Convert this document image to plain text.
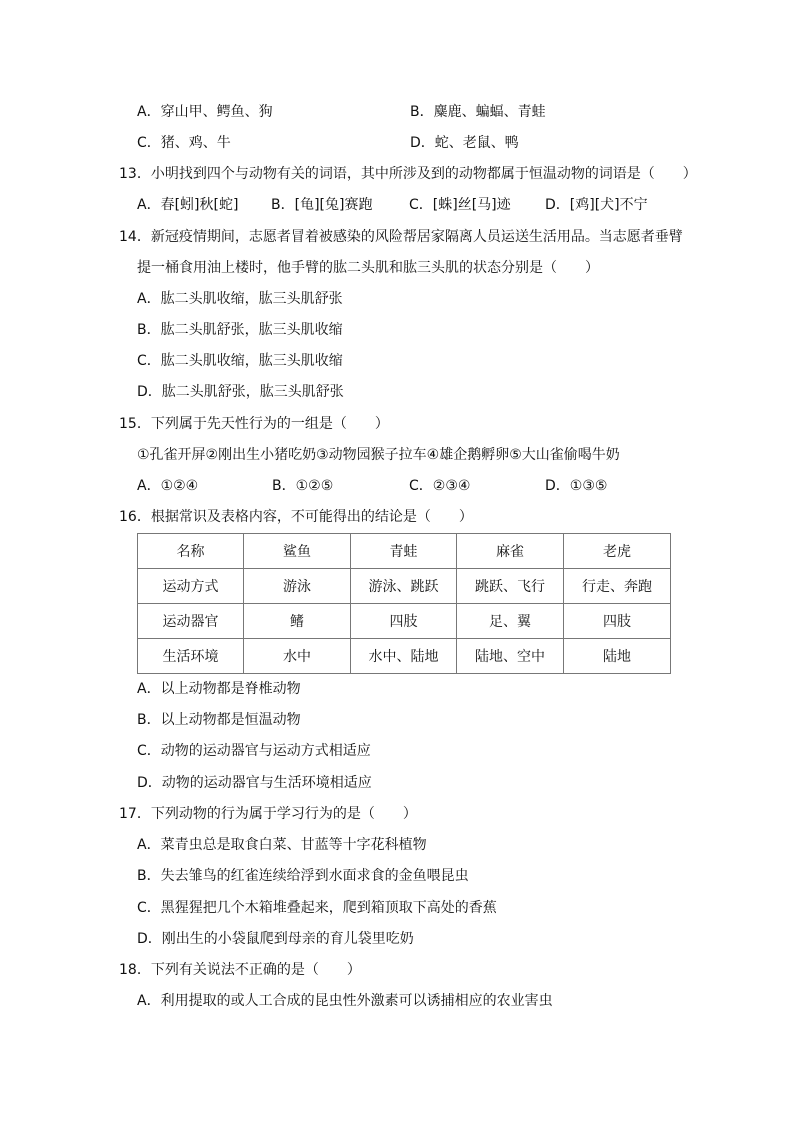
A．穿山甲、鳄鱼、狗	B．麋鹿、蝙蝠、青蛙
C．猪、鸡、牛	D．蛇、老鼠、鸭
13．小明找到四个与动物有关的词语，其中所涉及到的动物都属于恒温动物的词语是（　　）
A．春[蚓]秋[蛇] B．[龟][兔]赛跑	C．[蛛]丝[马]迹 D．[鸡][犬]不宁
14．新冠疫情期间，志愿者冒着被感染的风险帮居家隔离人员运送生活用品。当志愿者垂臂
提一桶食用油上楼时，他手臂的肱二头肌和肱三头肌的状态分别是（　　）
A．肱二头肌收缩，肱三头肌舒张
B．肱二头肌舒张，肱三头肌收缩
C．肱二头肌收缩，肱三头肌收缩
D．肱二头肌舒张，肱三头肌舒张
15．下列属于先天性行为的一组是（　　）
①孔雀开屏②刚出生小猪吃奶③动物园猴子拉车④雄企鹅孵卵⑤大山雀偷喝牛奶
A．①②④	B．①②⑤	C．②③④	D．①③⑤
16．根据常识及表格内容，不可能得出的结论是（　　）
名称	鲨鱼	青蛙	麻雀	老虎
运动方式	游泳	游泳、跳跃	跳跃、飞行	行走、奔跑
运动器官	鳍	四肢	足、翼	四肢
生活环境	水中	水中、陆地	陆地、空中	陆地
A．以上动物都是脊椎动物
B．以上动物都是恒温动物
C．动物的运动器官与运动方式相适应
D．动物的运动器官与生活环境相适应
17．下列动物的行为属于学习行为的是（　　）
A．菜青虫总是取食白菜、甘蓝等十字花科植物
B．失去雏鸟的红雀连续给浮到水面求食的金鱼喂昆虫
C．黑猩猩把几个木箱堆叠起来，爬到箱顶取下高处的香蕉
D．刚出生的小袋鼠爬到母亲的育儿袋里吃奶
18．下列有关说法不正确的是（　　）
A．利用提取的或人工合成的昆虫性外激素可以诱捕相应的农业害虫
